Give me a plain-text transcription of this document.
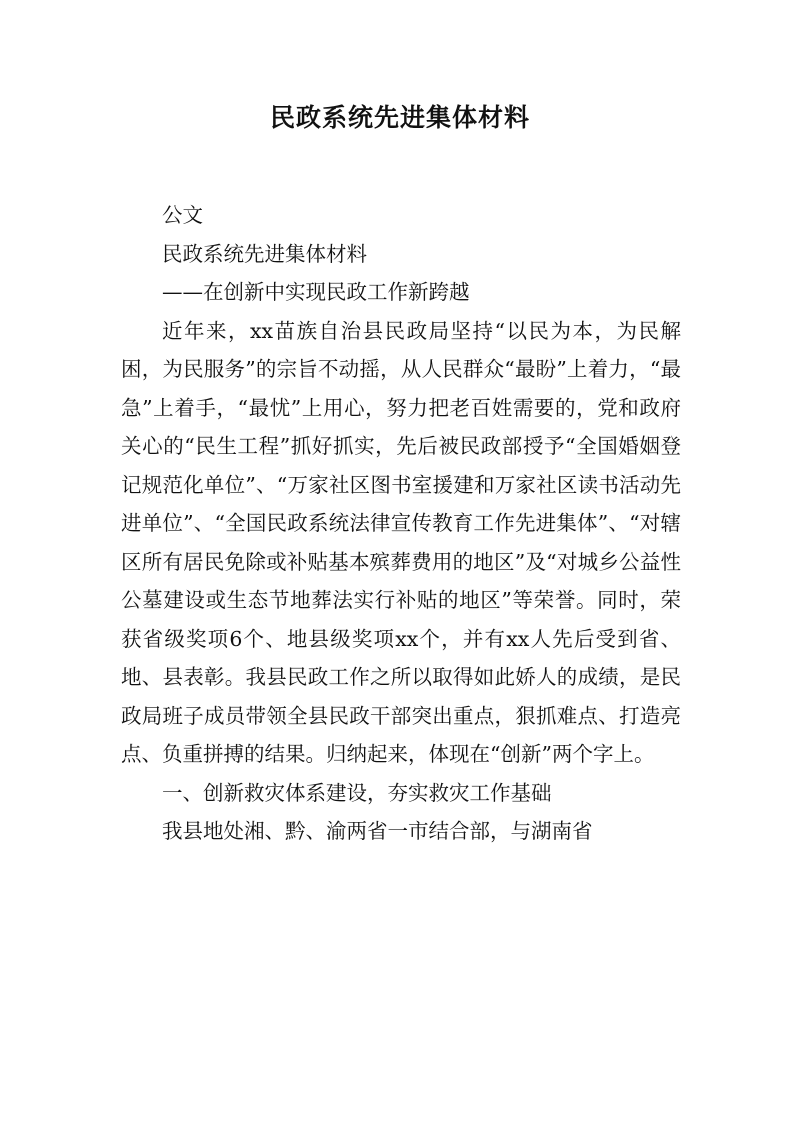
民政系统先进集体材料

公文

民政系统先进集体材料

——在创新中实现民政工作新跨越

近年来，xx苗族自治县民政局坚持“以民为本，为民解困，为民服务”的宗旨不动摇，从人民群众“最盼”上着力，“最急”上着手，“最忧”上用心，努力把老百姓需要的，党和政府关心的“民生工程”抓好抓实，先后被民政部授予“全国婚姻登记规范化单位”、“万家社区图书室援建和万家社区读书活动先进单位”、“全国民政系统法律宣传教育工作先进集体”、“对辖区所有居民免除或补贴基本殡葬费用的地区”及“对城乡公益性公墓建设或生态节地葬法实行补贴的地区”等荣誉。同时，荣获省级奖项6个、地县级奖项xx个，并有xx人先后受到省、地、县表彰。我县民政工作之所以取得如此娇人的成绩，是民政局班子成员带领全县民政干部突出重点，狠抓难点、打造亮点、负重拼搏的结果。归纳起来，体现在“创新”两个字上。

一、创新救灾体系建设，夯实救灾工作基础

我县地处湘、黔、渝两省一市结合部，与湖南省
